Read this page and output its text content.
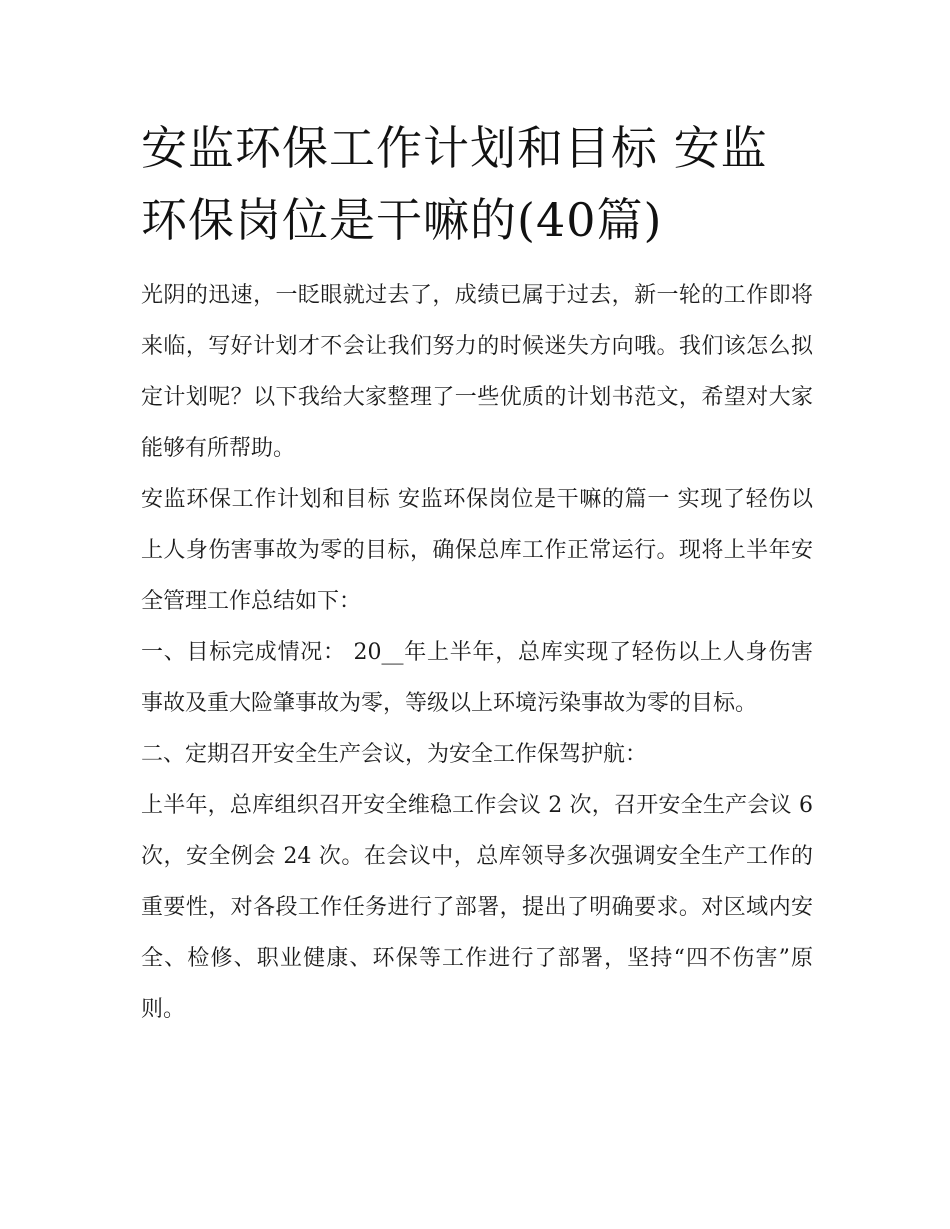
安监环保工作计划和目标 安监环保岗位是干嘛的(40篇)

光阴的迅速，一眨眼就过去了，成绩已属于过去，新一轮的工作即将来临，写好计划才不会让我们努力的时候迷失方向哦。我们该怎么拟定计划呢？以下我给大家整理了一些优质的计划书范文，希望对大家能够有所帮助。

安监环保工作计划和目标 安监环保岗位是干嘛的篇一 实现了轻伤以上人身伤害事故为零的目标，确保总库工作正常运行。现将上半年安全管理工作总结如下：

一、目标完成情况： 20__年上半年，总库实现了轻伤以上人身伤害事故及重大险肇事故为零，等级以上环境污染事故为零的目标。

二、定期召开安全生产会议，为安全工作保驾护航：

上半年，总库组织召开安全维稳工作会议 2 次，召开安全生产会议 6 次，安全例会 24 次。在会议中，总库领导多次强调安全生产工作的重要性，对各段工作任务进行了部署，提出了明确要求。对区域内安全、检修、职业健康、环保等工作进行了部署，坚持“四不伤害”原则。
